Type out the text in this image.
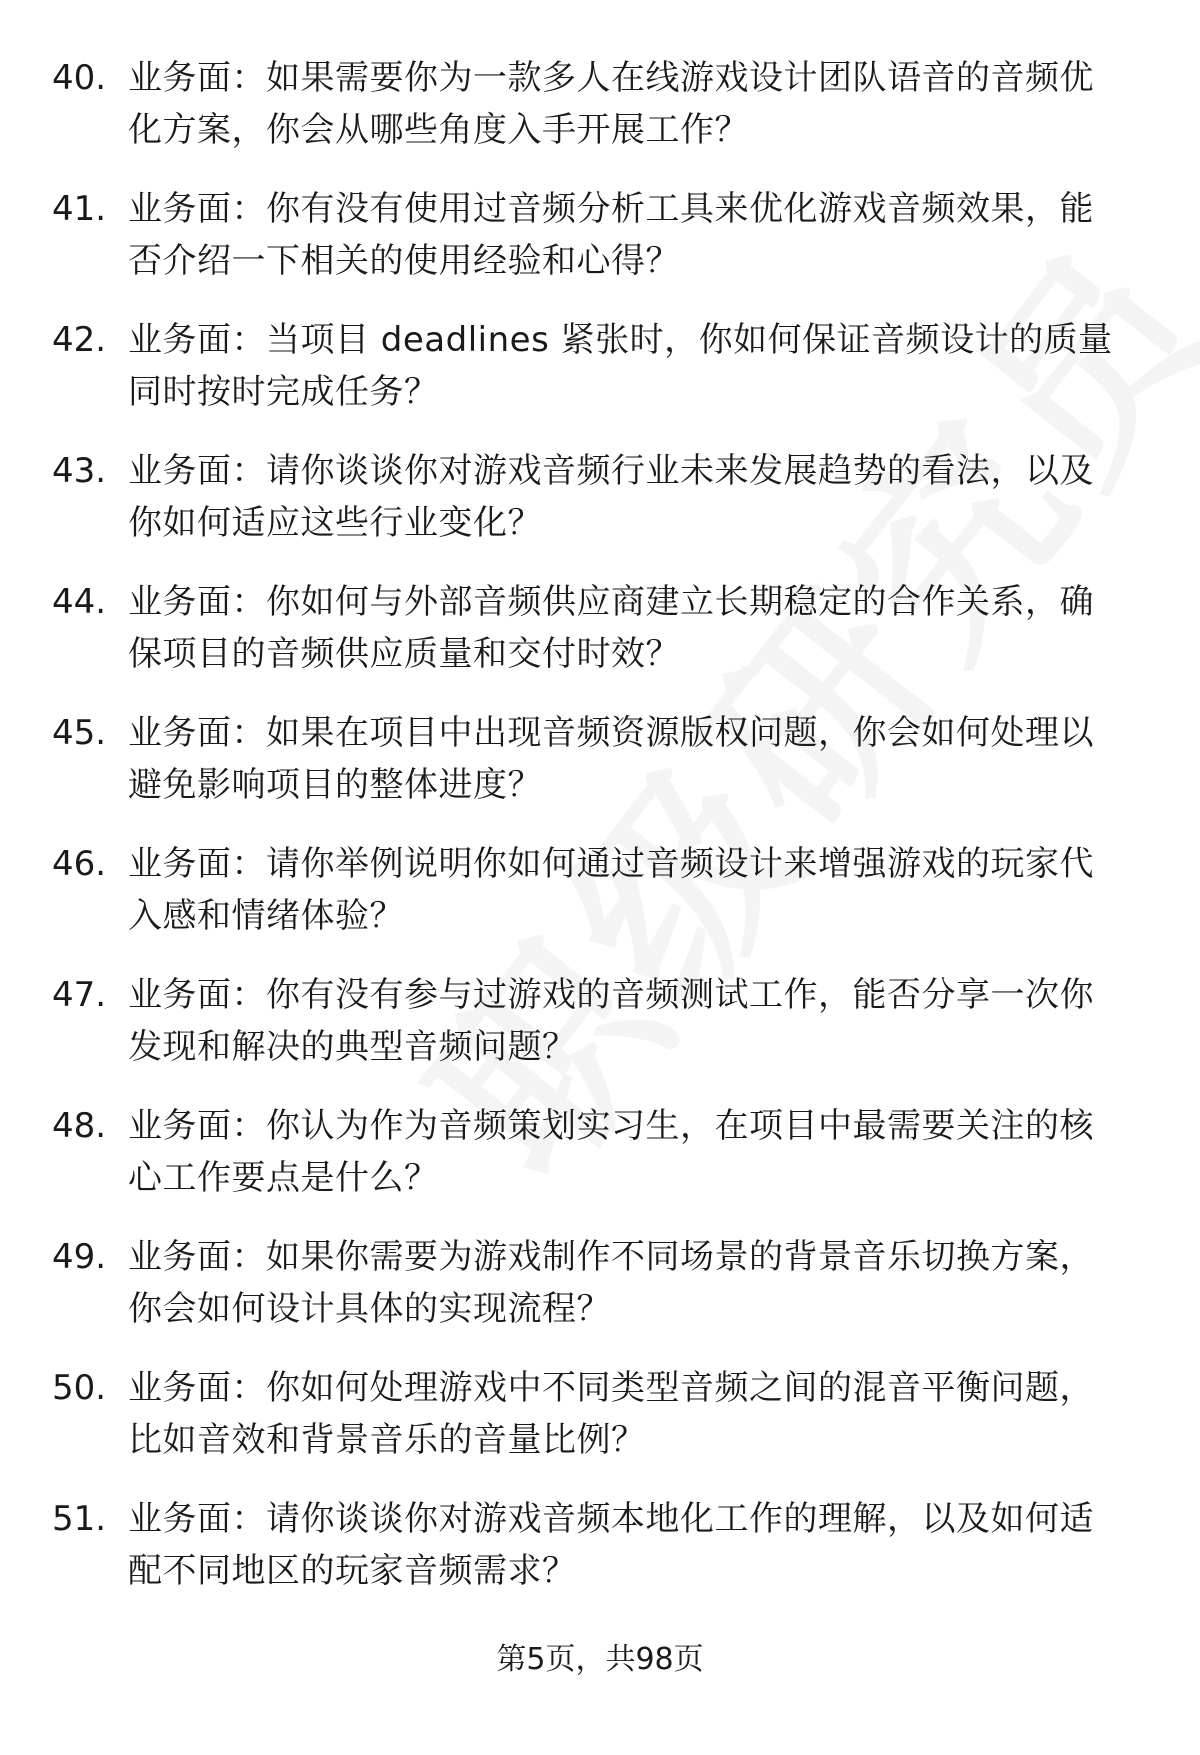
40. 业务面：如果需要你为一款多人在线游戏设计团队语音的音频优化方案，你会从哪些角度入手开展工作？
41. 业务面：你有没有使用过音频分析工具来优化游戏音频效果，能否介绍一下相关的使用经验和心得？
42. 业务面：当项目 deadlines 紧张时，你如何保证音频设计的质量同时按时完成任务？
43. 业务面：请你谈谈你对游戏音频行业未来发展趋势的看法，以及你如何适应这些行业变化？
44. 业务面：你如何与外部音频供应商建立长期稳定的合作关系，确保项目的音频供应质量和交付时效？
45. 业务面：如果在项目中出现音频资源版权问题，你会如何处理以避免影响项目的整体进度？
46. 业务面：请你举例说明你如何通过音频设计来增强游戏的玩家代入感和情绪体验？
47. 业务面：你有没有参与过游戏的音频测试工作，能否分享一次你发现和解决的典型音频问题？
48. 业务面：你认为作为音频策划实习生，在项目中最需要关注的核心工作要点是什么？
49. 业务面：如果你需要为游戏制作不同场景的背景音乐切换方案，你会如何设计具体的实现流程？
50. 业务面：你如何处理游戏中不同类型音频之间的混音平衡问题，比如音效和背景音乐的音量比例？
51. 业务面：请你谈谈你对游戏音频本地化工作的理解，以及如何适配不同地区的玩家音频需求？
第5页，共98页
